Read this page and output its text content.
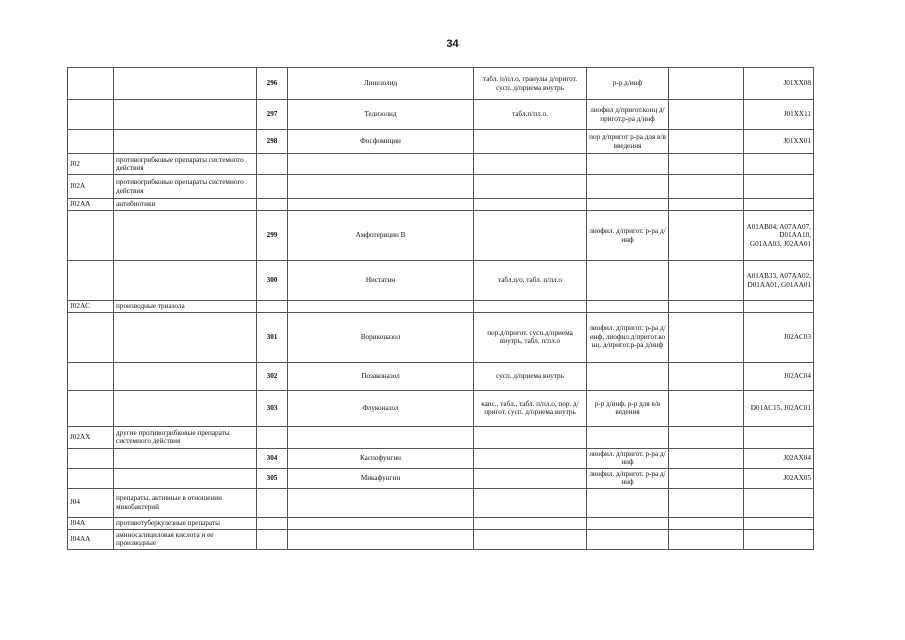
34
		296	Линезолид	табл. п/пл.о, гранулы д/пригот. сусп. д/приема внутрь	р-р д/инф		J01XX08
		297	Тедизолид	табл.п/пл.о.	лиофил д/пригот.конц д/пригот.р-ра д/инф		J01XX11
		298	Фосфомицин		пор д/пригот р-ра для в/в введения		J01XX01
J02	противогрибковые препараты системного действия						
J02A	противогрибковые препараты системного действия						
J02AA	антибиотики						
		299	Амфотерицин В		лиофил. д/пригот. р-ра д/инф		A01AB04, A07AA07, D01AA10, G01AA03, J02AA01
		300	Нистатин	табл.п/о, табл. п/пл.о			A01AB33, A07AA02, D01AA01, G01AA01
J02AC	производные триазола						
		301	Вориконазол	пор.д/пригот. сусп.д/приема внутрь, табл. п/пл.о	лиофил. д/пригот. р-ра д/инф, лиофил.д/пригот.ко нц. д/пригот.р-ра д/инф		J02AC03
		302	Позаконазол	сусп. д/приема внутрь			J02AC04
		303	Флуконазол	капс., табл., табл. п/пл.о, пор. д/пригот. сусп. д/приема внутрь	р-р д/инф, р-р для в/в ведения		D01AC15, J02AC01
J02AX	другие противогрибковые препараты системного действия						
		304	Каспофунгин		лиофил. д/пригот. р-ра д/инф		J02AX04
		305	Микафунгин		лиофил. д/пригот. р-ра д/инф		J02AX05
J04	препараты, активные в отношении микобактерий						
J04A	противотуберкулезные препараты						
J04AA	аминосалициловая кислота и ее производные						
